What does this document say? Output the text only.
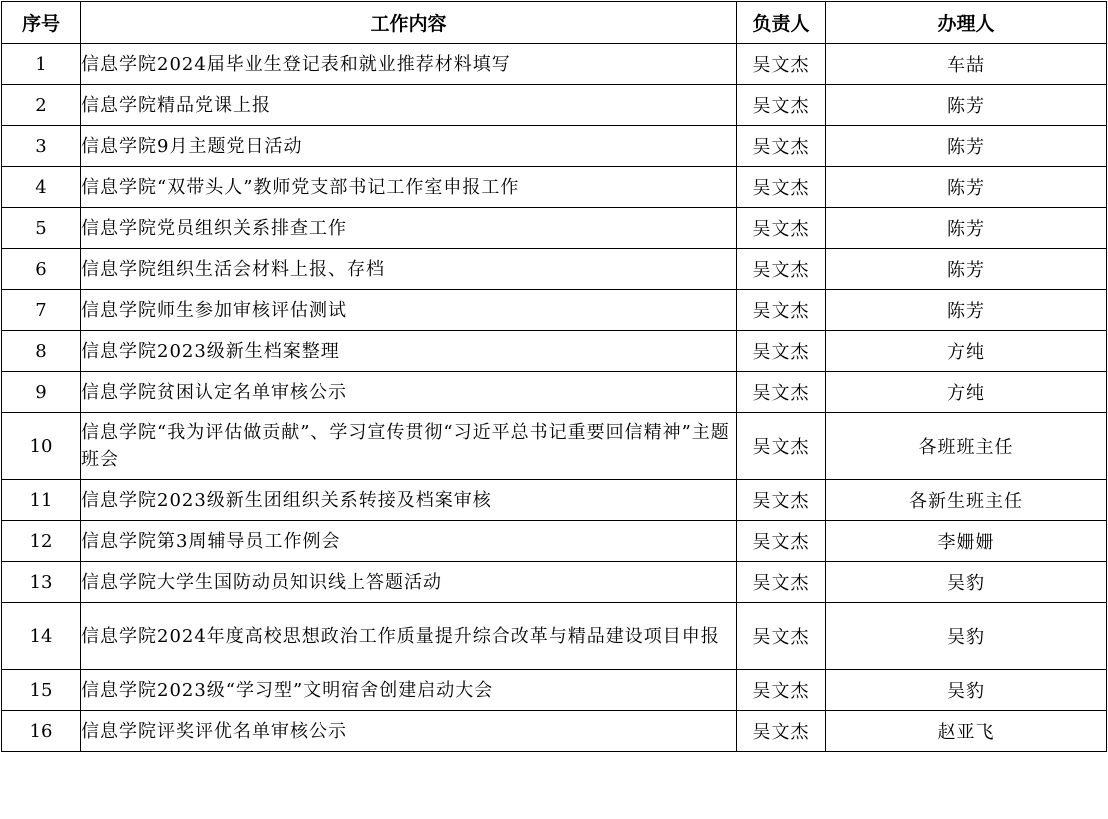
序号	工作内容	负责人	办理人
1	信息学院2024届毕业生登记表和就业推荐材料填写	吴文杰	车喆
2	信息学院精品党课上报	吴文杰	陈芳
3	信息学院9月主题党日活动	吴文杰	陈芳
4	信息学院“双带头人”教师党支部书记工作室申报工作	吴文杰	陈芳
5	信息学院党员组织关系排查工作	吴文杰	陈芳
6	信息学院组织生活会材料上报、存档	吴文杰	陈芳
7	信息学院师生参加审核评估测试	吴文杰	陈芳
8	信息学院2023级新生档案整理	吴文杰	方纯
9	信息学院贫困认定名单审核公示	吴文杰	方纯
10	信息学院“我为评估做贡献”、学习宣传贯彻“习近平总书记重要回信精神”主题班会	吴文杰	各班班主任
11	信息学院2023级新生团组织关系转接及档案审核	吴文杰	各新生班主任
12	信息学院第3周辅导员工作例会	吴文杰	李姗姗
13	信息学院大学生国防动员知识线上答题活动	吴文杰	吴豹
14	信息学院2024年度高校思想政治工作质量提升综合改革与精品建设项目申报	吴文杰	吴豹
15	信息学院2023级“学习型”文明宿舍创建启动大会	吴文杰	吴豹
16	信息学院评奖评优名单审核公示	吴文杰	赵亚飞
